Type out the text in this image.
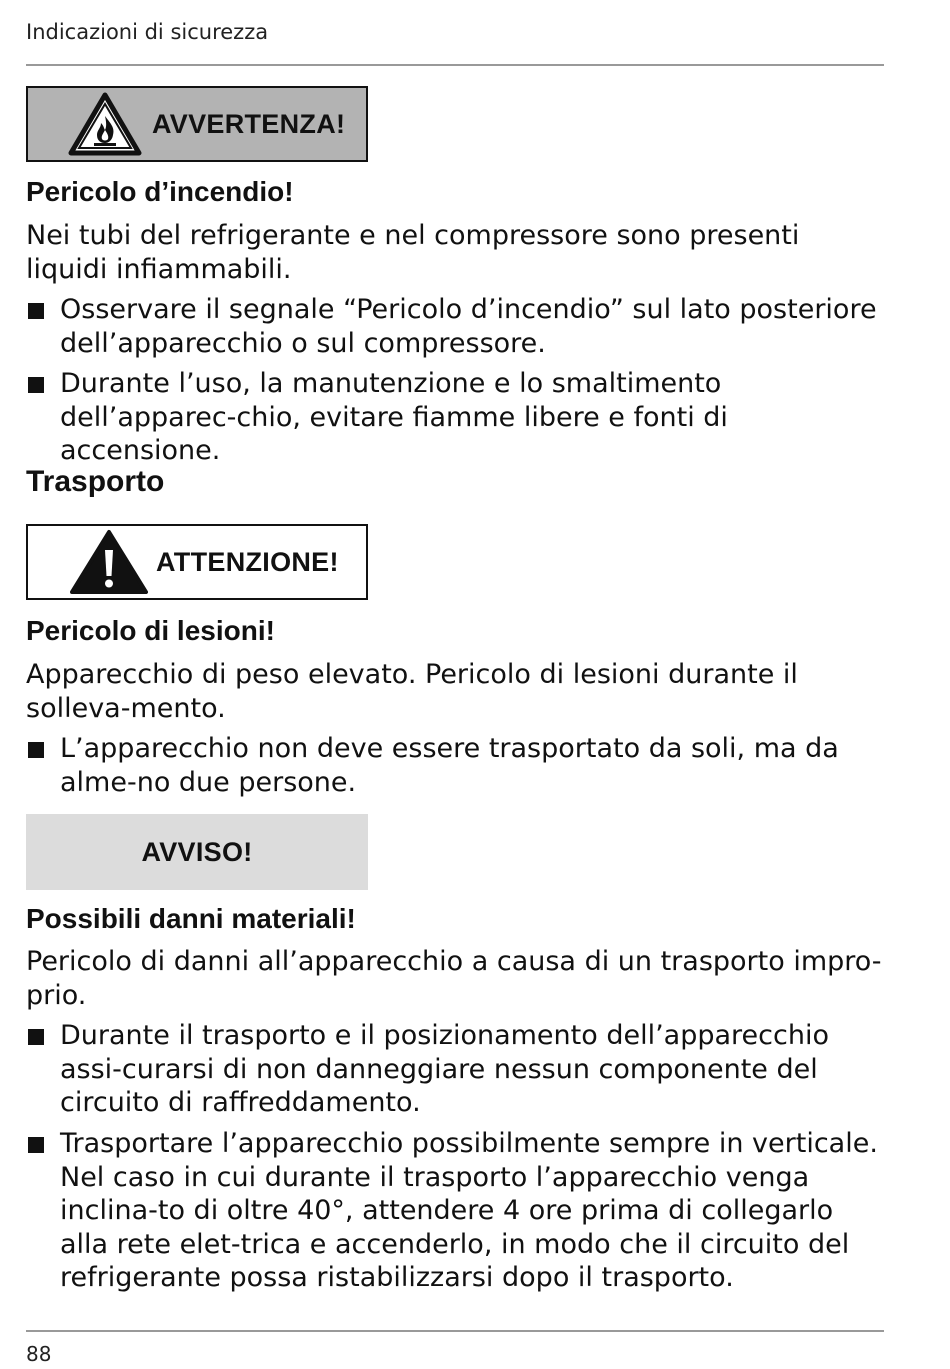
Indicazioni di sicurezza
AVVERTENZA!
Pericolo d’incendio!

Nei tubi del refrigerante e nel compressore sono presenti liquidi infiammabili.

Osservare il segnale “Pericolo d’incendio” sul lato posteriore dell’apparecchio o sul compressore.

Durante l’uso, la manutenzione e lo smaltimento dell’apparec-chio, evitare fiamme libere e fonti di accensione.

Trasporto
ATTENZIONE!
Pericolo di lesioni!

Apparecchio di peso elevato. Pericolo di lesioni durante il solleva-mento.

L’apparecchio non deve essere trasportato da soli, ma da alme-no due persone.

AVVISO!
Possibili danni materiali!

Pericolo di danni all’apparecchio a causa di un trasporto impro-prio.

Durante il trasporto e il posizionamento dell’apparecchio assi-curarsi di non danneggiare nessun componente del circuito di raffreddamento.

Trasportare l’apparecchio possibilmente sempre in verticale. Nel caso in cui durante il trasporto l’apparecchio venga inclina-to di oltre 40°, attendere 4 ore prima di collegarlo alla rete elet-trica e accenderlo, in modo che il circuito del refrigerante possa ristabilizzarsi dopo il trasporto.

88
